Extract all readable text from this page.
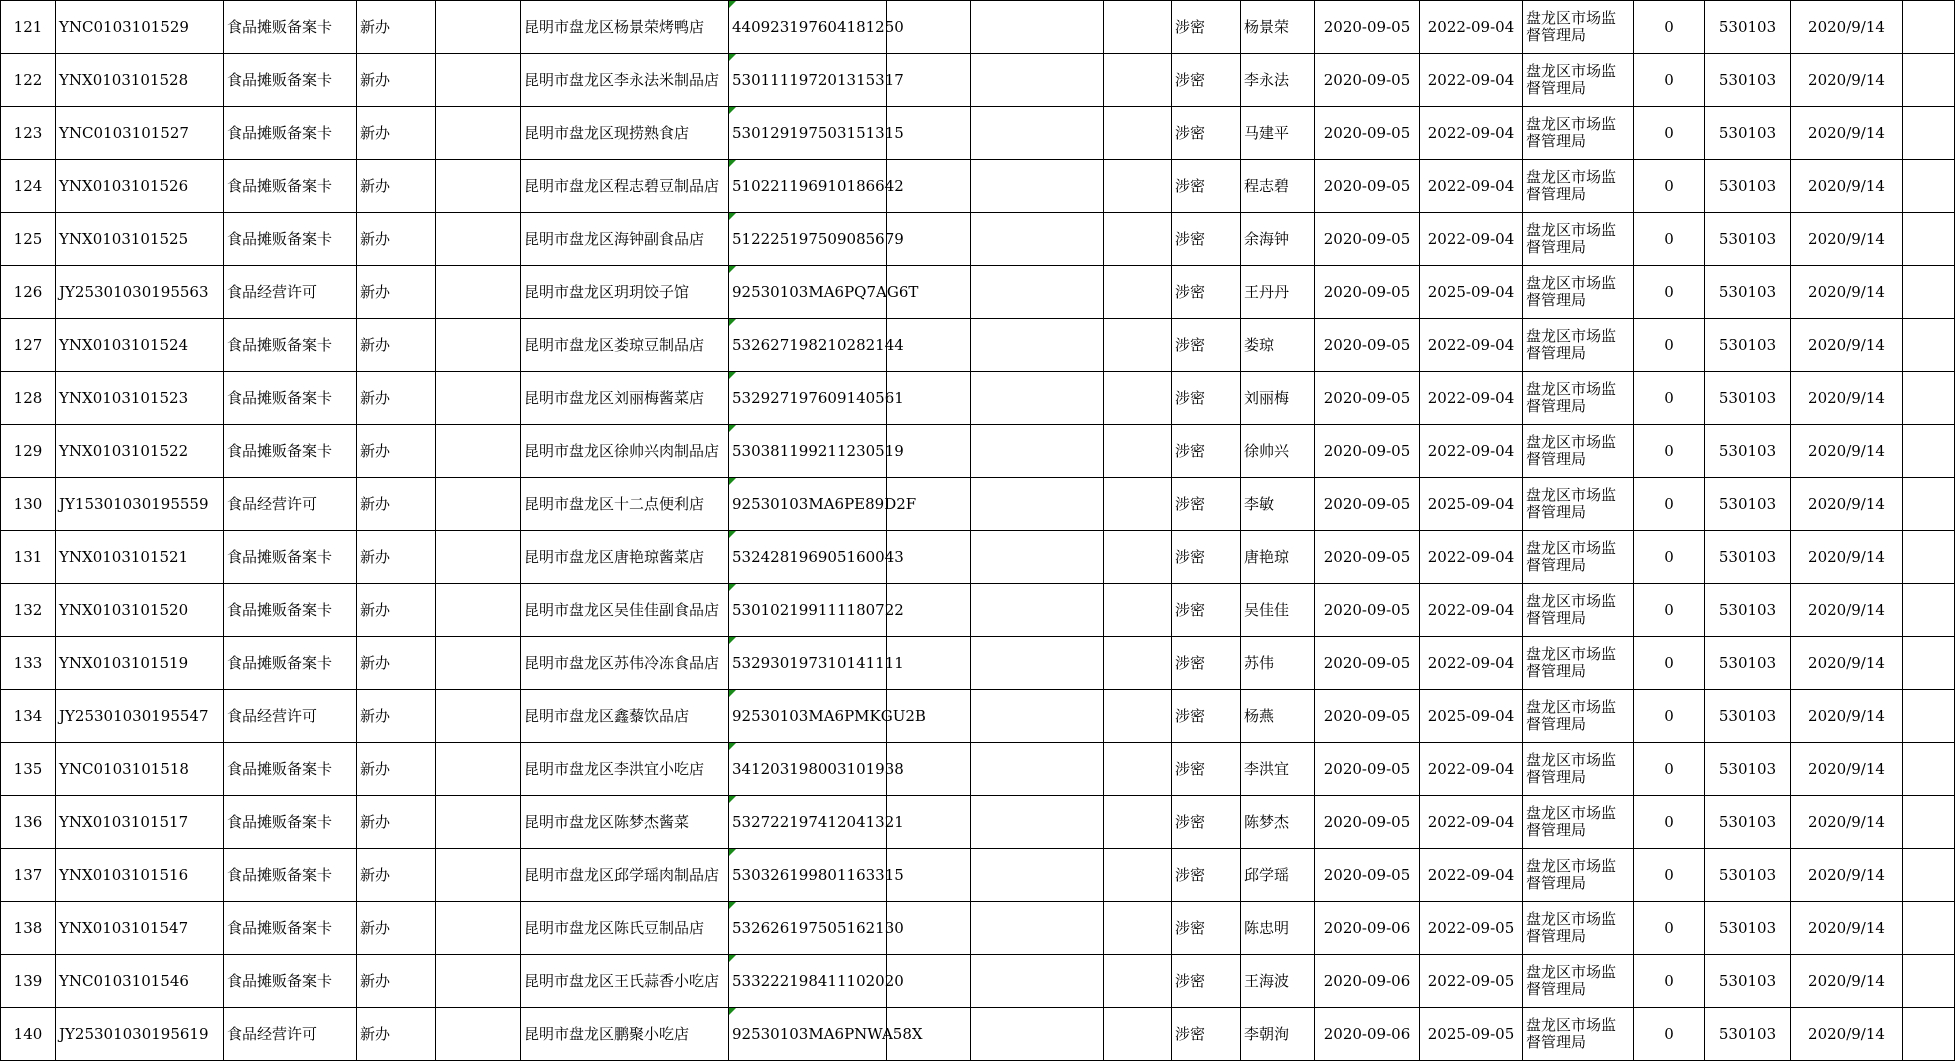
121	YNC0103101529	食品摊贩备案卡	新办		昆明市盘龙区杨景荣烤鸭店	440923197604181250				涉密	杨景荣	2020-09-05	2022-09-04	盘龙区市场监督管理局	0	530103	2020/9/14	
122	YNX0103101528	食品摊贩备案卡	新办		昆明市盘龙区李永法米制品店	530111197201315317				涉密	李永法	2020-09-05	2022-09-04	盘龙区市场监督管理局	0	530103	2020/9/14	
123	YNC0103101527	食品摊贩备案卡	新办		昆明市盘龙区现捞熟食店	530129197503151315				涉密	马建平	2020-09-05	2022-09-04	盘龙区市场监督管理局	0	530103	2020/9/14	
124	YNX0103101526	食品摊贩备案卡	新办		昆明市盘龙区程志碧豆制品店	510221196910186642				涉密	程志碧	2020-09-05	2022-09-04	盘龙区市场监督管理局	0	530103	2020/9/14	
125	YNX0103101525	食品摊贩备案卡	新办		昆明市盘龙区海钟副食品店	512225197509085679				涉密	余海钟	2020-09-05	2022-09-04	盘龙区市场监督管理局	0	530103	2020/9/14	
126	JY25301030195563	食品经营许可	新办		昆明市盘龙区玥玥饺子馆	92530103MA6PQ7AG6T				涉密	王丹丹	2020-09-05	2025-09-04	盘龙区市场监督管理局	0	530103	2020/9/14	
127	YNX0103101524	食品摊贩备案卡	新办		昆明市盘龙区娄琼豆制品店	532627198210282144				涉密	娄琼	2020-09-05	2022-09-04	盘龙区市场监督管理局	0	530103	2020/9/14	
128	YNX0103101523	食品摊贩备案卡	新办		昆明市盘龙区刘丽梅酱菜店	532927197609140561				涉密	刘丽梅	2020-09-05	2022-09-04	盘龙区市场监督管理局	0	530103	2020/9/14	
129	YNX0103101522	食品摊贩备案卡	新办		昆明市盘龙区徐帅兴肉制品店	530381199211230519				涉密	徐帅兴	2020-09-05	2022-09-04	盘龙区市场监督管理局	0	530103	2020/9/14	
130	JY15301030195559	食品经营许可	新办		昆明市盘龙区十二点便利店	92530103MA6PE89D2F				涉密	李敏	2020-09-05	2025-09-04	盘龙区市场监督管理局	0	530103	2020/9/14	
131	YNX0103101521	食品摊贩备案卡	新办		昆明市盘龙区唐艳琼酱菜店	532428196905160043				涉密	唐艳琼	2020-09-05	2022-09-04	盘龙区市场监督管理局	0	530103	2020/9/14	
132	YNX0103101520	食品摊贩备案卡	新办		昆明市盘龙区吴佳佳副食品店	530102199111180722				涉密	吴佳佳	2020-09-05	2022-09-04	盘龙区市场监督管理局	0	530103	2020/9/14	
133	YNX0103101519	食品摊贩备案卡	新办		昆明市盘龙区苏伟冷冻食品店	532930197310141111				涉密	苏伟	2020-09-05	2022-09-04	盘龙区市场监督管理局	0	530103	2020/9/14	
134	JY25301030195547	食品经营许可	新办		昆明市盘龙区鑫藜饮品店	92530103MA6PMKGU2B				涉密	杨燕	2020-09-05	2025-09-04	盘龙区市场监督管理局	0	530103	2020/9/14	
135	YNC0103101518	食品摊贩备案卡	新办		昆明市盘龙区李洪宜小吃店	341203198003101938				涉密	李洪宜	2020-09-05	2022-09-04	盘龙区市场监督管理局	0	530103	2020/9/14	
136	YNX0103101517	食品摊贩备案卡	新办		昆明市盘龙区陈梦杰酱菜	532722197412041321				涉密	陈梦杰	2020-09-05	2022-09-04	盘龙区市场监督管理局	0	530103	2020/9/14	
137	YNX0103101516	食品摊贩备案卡	新办		昆明市盘龙区邱学瑶肉制品店	530326199801163315				涉密	邱学瑶	2020-09-05	2022-09-04	盘龙区市场监督管理局	0	530103	2020/9/14	
138	YNX0103101547	食品摊贩备案卡	新办		昆明市盘龙区陈氏豆制品店	532626197505162130				涉密	陈忠明	2020-09-06	2022-09-05	盘龙区市场监督管理局	0	530103	2020/9/14	
139	YNC0103101546	食品摊贩备案卡	新办		昆明市盘龙区王氏蒜香小吃店	533222198411102020				涉密	王海波	2020-09-06	2022-09-05	盘龙区市场监督管理局	0	530103	2020/9/14	
140	JY25301030195619	食品经营许可	新办		昆明市盘龙区鹏聚小吃店	92530103MA6PNWA58X				涉密	李朝洵	2020-09-06	2025-09-05	盘龙区市场监督管理局	0	530103	2020/9/14	
